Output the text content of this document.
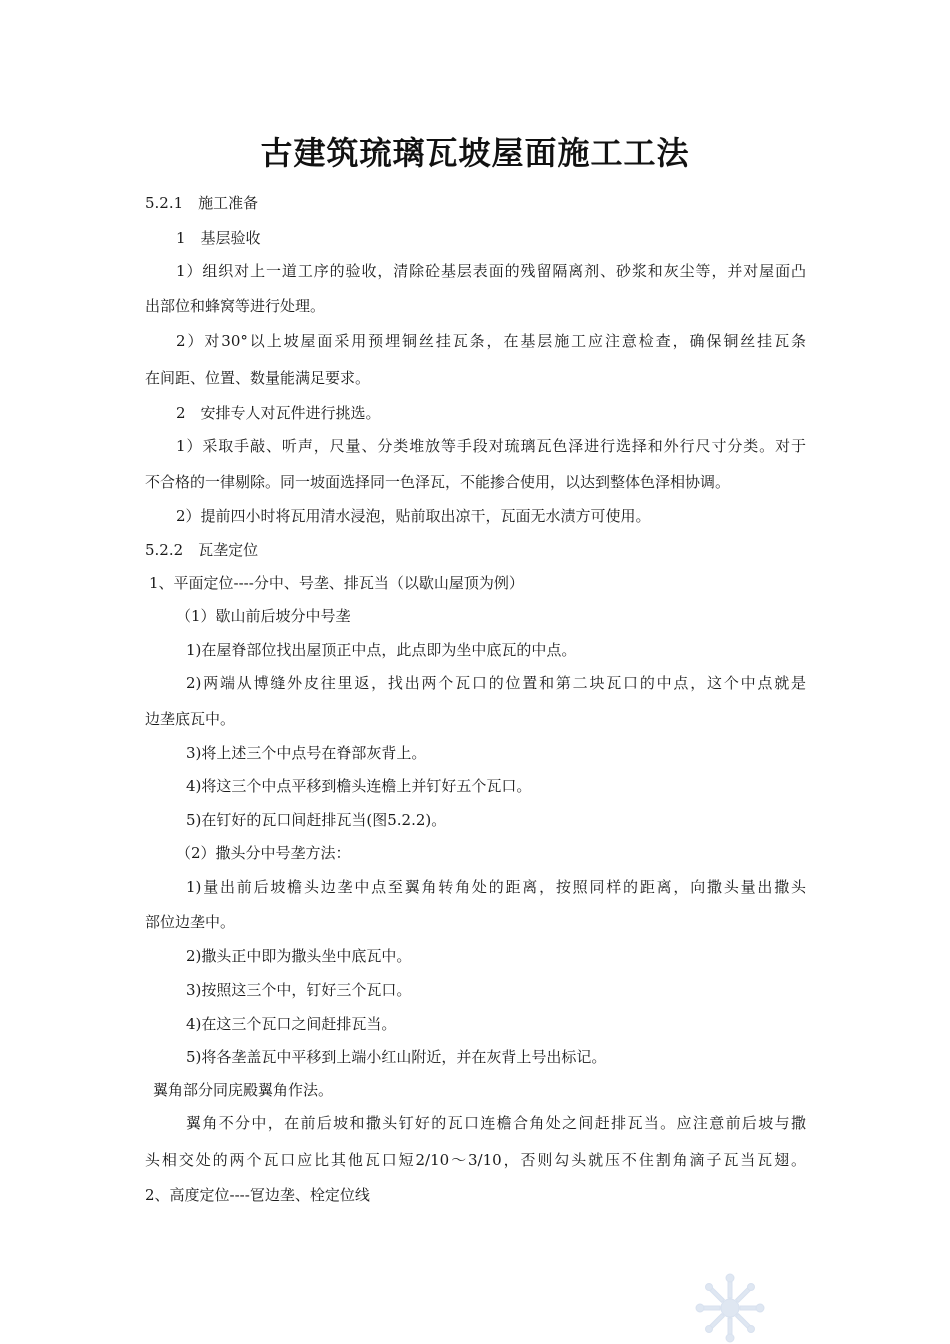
古建筑琉璃瓦坡屋面施工工法
5.2.1　施工准备
1　基层验收
1）组织对上一道工序的验收，清除砼基层表面的残留隔离剂、砂浆和灰尘等，并对屋面凸
出部位和蜂窝等进行处理。
2）对30°以上坡屋面采用预埋铜丝挂瓦条，在基层施工应注意检查，确保铜丝挂瓦条
在间距、位置、数量能满足要求。
2　安排专人对瓦件进行挑选。
1）采取手敲、听声，尺量、分类堆放等手段对琉璃瓦色泽进行选择和外行尺寸分类。对于
不合格的一律剔除。同一坡面选择同一色泽瓦，不能掺合使用，以达到整体色泽相协调。
2）提前四小时将瓦用清水浸泡，贴前取出凉干，瓦面无水渍方可使用。
5.2.2　瓦垄定位
1、平面定位----分中、号垄、排瓦当（以歇山屋顶为例）
（1）歇山前后坡分中号垄
1)在屋脊部位找出屋顶正中点，此点即为坐中底瓦的中点。
2)两端从博缝外皮往里返，找出两个瓦口的位置和第二块瓦口的中点，这个中点就是
边垄底瓦中。
3)将上述三个中点号在脊部灰背上。
4)将这三个中点平移到檐头连檐上并钉好五个瓦口。
5)在钉好的瓦口间赶排瓦当(图5.2.2)。
（2）撒头分中号垄方法：
1)量出前后坡檐头边垄中点至翼角转角处的距离，按照同样的距离，向撒头量出撒头
部位边垄中。
2)撒头正中即为撒头坐中底瓦中。
3)按照这三个中，钉好三个瓦口。
4)在这三个瓦口之间赶排瓦当。
5)将各垄盖瓦中平移到上端小红山附近，并在灰背上号出标记。
翼角部分同庑殿翼角作法。
翼角不分中，在前后坡和撒头钉好的瓦口连檐合角处之间赶排瓦当。应注意前后坡与撒
头相交处的两个瓦口应比其他瓦口短2/10～3/10，否则勾头就压不住割角滴子瓦当瓦翅。
2、高度定位----冟边垄、栓定位线
